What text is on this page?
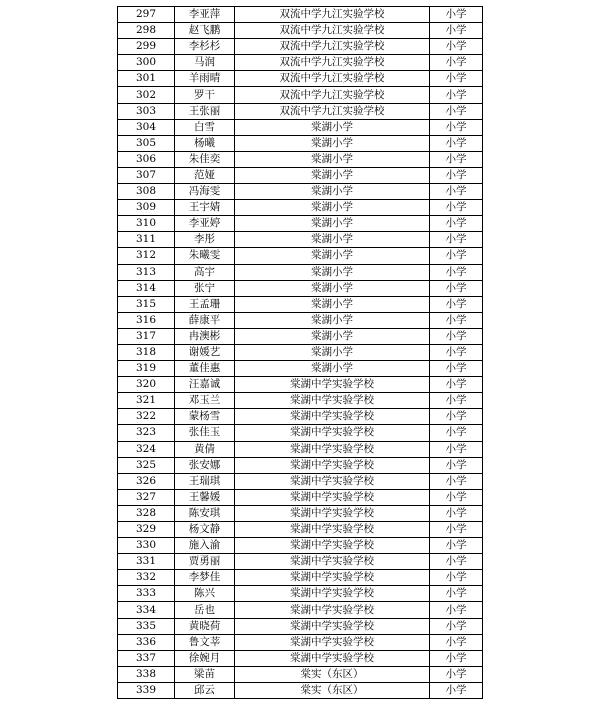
297	李亚萍	双流中学九江实验学校	小学
298	赵飞鹏	双流中学九江实验学校	小学
299	李杉杉	双流中学九江实验学校	小学
300	马润	双流中学九江实验学校	小学
301	羊雨晴	双流中学九江实验学校	小学
302	罗干	双流中学九江实验学校	小学
303	王张丽	双流中学九江实验学校	小学
304	白雪	棠湖小学	小学
305	杨曦	棠湖小学	小学
306	朱佳奕	棠湖小学	小学
307	范娅	棠湖小学	小学
308	冯海雯	棠湖小学	小学
309	王宇婧	棠湖小学	小学
310	李亚婷	棠湖小学	小学
311	李彤	棠湖小学	小学
312	朱曦雯	棠湖小学	小学
313	高宇	棠湖小学	小学
314	张宁	棠湖小学	小学
315	王孟珊	棠湖小学	小学
316	薛康平	棠湖小学	小学
317	冉澳彬	棠湖小学	小学
318	谢媛艺	棠湖小学	小学
319	董佳惠	棠湖小学	小学
320	汪嘉诚	棠湖中学实验学校	小学
321	邓玉兰	棠湖中学实验学校	小学
322	蒙杨雪	棠湖中学实验学校	小学
323	张佳玉	棠湖中学实验学校	小学
324	黄倩	棠湖中学实验学校	小学
325	张安娜	棠湖中学实验学校	小学
326	王瑞琪	棠湖中学实验学校	小学
327	王馨媛	棠湖中学实验学校	小学
328	陈安琪	棠湖中学实验学校	小学
329	杨文静	棠湖中学实验学校	小学
330	施入渝	棠湖中学实验学校	小学
331	贾勇丽	棠湖中学实验学校	小学
332	李梦佳	棠湖中学实验学校	小学
333	陈兴	棠湖中学实验学校	小学
334	岳也	棠湖中学实验学校	小学
335	黄晓荷	棠湖中学实验学校	小学
336	鲁文莘	棠湖中学实验学校	小学
337	徐婉月	棠湖中学实验学校	小学
338	梁苗	棠实（东区）	小学
339	邱云	棠实（东区）	小学
